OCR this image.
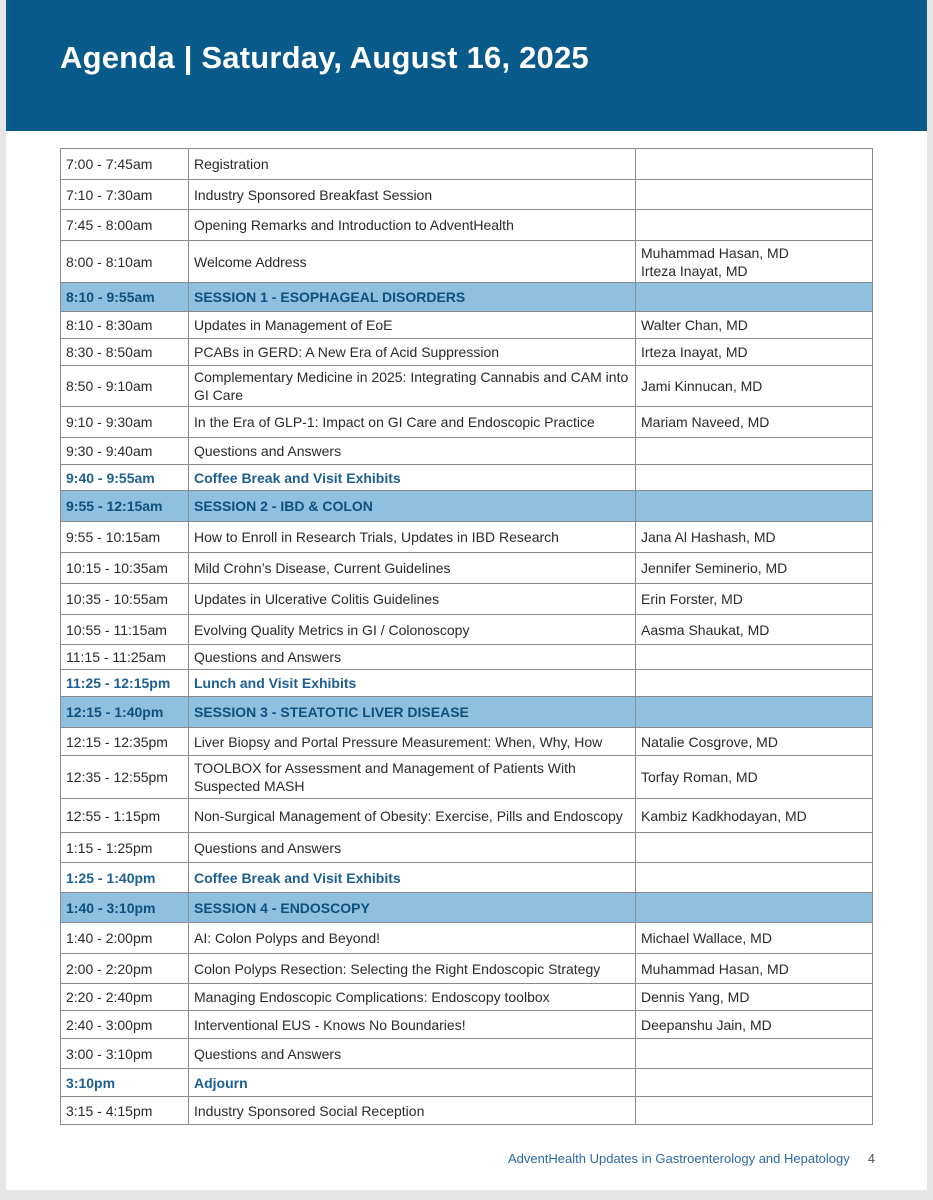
Agenda | Saturday, August 16, 2025
7:00 - 7:45am	Registration	
7:10 - 7:30am	Industry Sponsored Breakfast Session	
7:45 - 8:00am	Opening Remarks and Introduction to AdventHealth	
8:00 - 8:10am	Welcome Address	Muhammad Hasan, MD
Irteza Inayat, MD

8:10 - 9:55am	SESSION 1 - ESOPHAGEAL DISORDERS	
8:10 - 8:30am	Updates in Management of EoE	Walter Chan, MD

8:30 - 8:50am	PCABs in GERD: A New Era of Acid Suppression	Irteza Inayat, MD

8:50 - 9:10am	Complementary Medicine in 2025: Integrating Cannabis and CAM into GI Care	Jami Kinnucan, MD

9:10 - 9:30am	In the Era of GLP-1: Impact on GI Care and Endoscopic Practice	Mariam Naveed, MD

9:30 - 9:40am	Questions and Answers	
9:40 - 9:55am	Coffee Break and Visit Exhibits	
9:55 - 12:15am	SESSION 2 - IBD & COLON	
9:55 - 10:15am	How to Enroll in Research Trials, Updates in IBD Research	Jana Al Hashash, MD

10:15 - 10:35am	Mild Crohn’s Disease, Current Guidelines	Jennifer Seminerio, MD

10:35 - 10:55am	Updates in Ulcerative Colitis Guidelines	Erin Forster, MD

10:55 - 11:15am	Evolving Quality Metrics in GI / Colonoscopy	Aasma Shaukat, MD

11:15 - 11:25am	Questions and Answers	
11:25 - 12:15pm	Lunch and Visit Exhibits	
12:15 - 1:40pm	SESSION 3 - STEATOTIC LIVER DISEASE	
12:15 - 12:35pm	Liver Biopsy and Portal Pressure Measurement: When, Why, How	Natalie Cosgrove, MD

12:35 - 12:55pm	TOOLBOX for Assessment and Management of Patients With Suspected MASH	Torfay Roman, MD

12:55 - 1:15pm	Non-Surgical Management of Obesity: Exercise, Pills and Endoscopy	Kambiz Kadkhodayan, MD

1:15 - 1:25pm	Questions and Answers	
1:25 - 1:40pm	Coffee Break and Visit Exhibits	
1:40 - 3:10pm	SESSION 4 - ENDOSCOPY	
1:40 - 2:00pm	AI: Colon Polyps and Beyond!	Michael Wallace, MD

2:00 - 2:20pm	Colon Polyps Resection: Selecting the Right Endoscopic Strategy	Muhammad Hasan, MD

2:20 - 2:40pm	Managing Endoscopic Complications: Endoscopy toolbox	Dennis Yang, MD

2:40 - 3:00pm	Interventional EUS - Knows No Boundaries!	Deepanshu Jain, MD

3:00 - 3:10pm	Questions and Answers	
3:10pm	Adjourn	
3:15 - 4:15pm	Industry Sponsored Social Reception	
AdventHealth Updates in Gastroenterology and Hepatology 4
